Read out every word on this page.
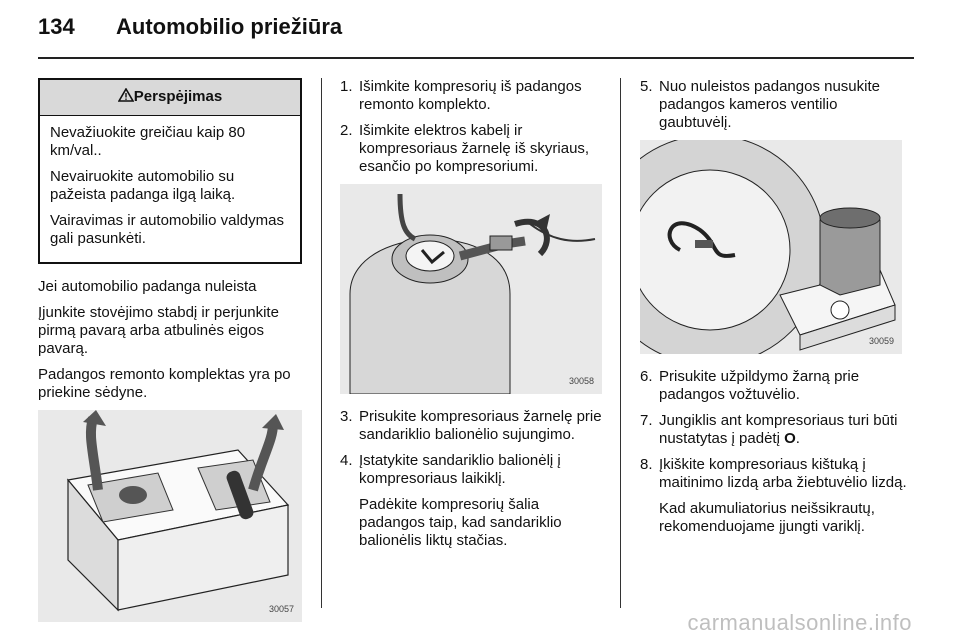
134 Automobilio priežiūra
Perspėjimas

Nevažiuokite greičiau kaip 80 km/val..

Nevairuokite automobilio su pažeista padanga ilgą laiką.

Vairavimas ir automobilio valdymas gali pasunkėti.

Jei automobilio padanga nuleista

Įjunkite stovėjimo stabdį ir perjunkite pirmą pavarą arba atbulinės eigos pavarą.

Padangos remonto komplektas yra po priekine sėdyne.

30057
1. Išimkite kompresorių iš padangos remonto komplekto.
2. Išimkite elektros kabelį ir kompresoriaus žarnelę iš skyriaus, esančio po kompresoriumi.
30058
3. Prisukite kompresoriaus žarnelę prie sandariklio balionėlio sujungimo.
4. Įstatykite sandariklio balionėlį į kompresoriaus laikiklį.

Padėkite kompresorių šalia padangos taip, kad sandariklio balionėlis liktų stačias.

5. Nuo nuleistos padangos nusukite padangos kameros ventilio gaubtuvėlį.
30059
6. Prisukite užpildymo žarną prie padangos vožtuvėlio.
7. Jungiklis ant kompresoriaus turi būti nustatytas į padėtį O.
8. Įkiškite kompresoriaus kištuką į maitinimo lizdą arba žiebtuvėlio lizdą.

Kad akumuliatorius neišsikrautų, rekomenduojame įjungti variklį.

carmanualsonline.info
